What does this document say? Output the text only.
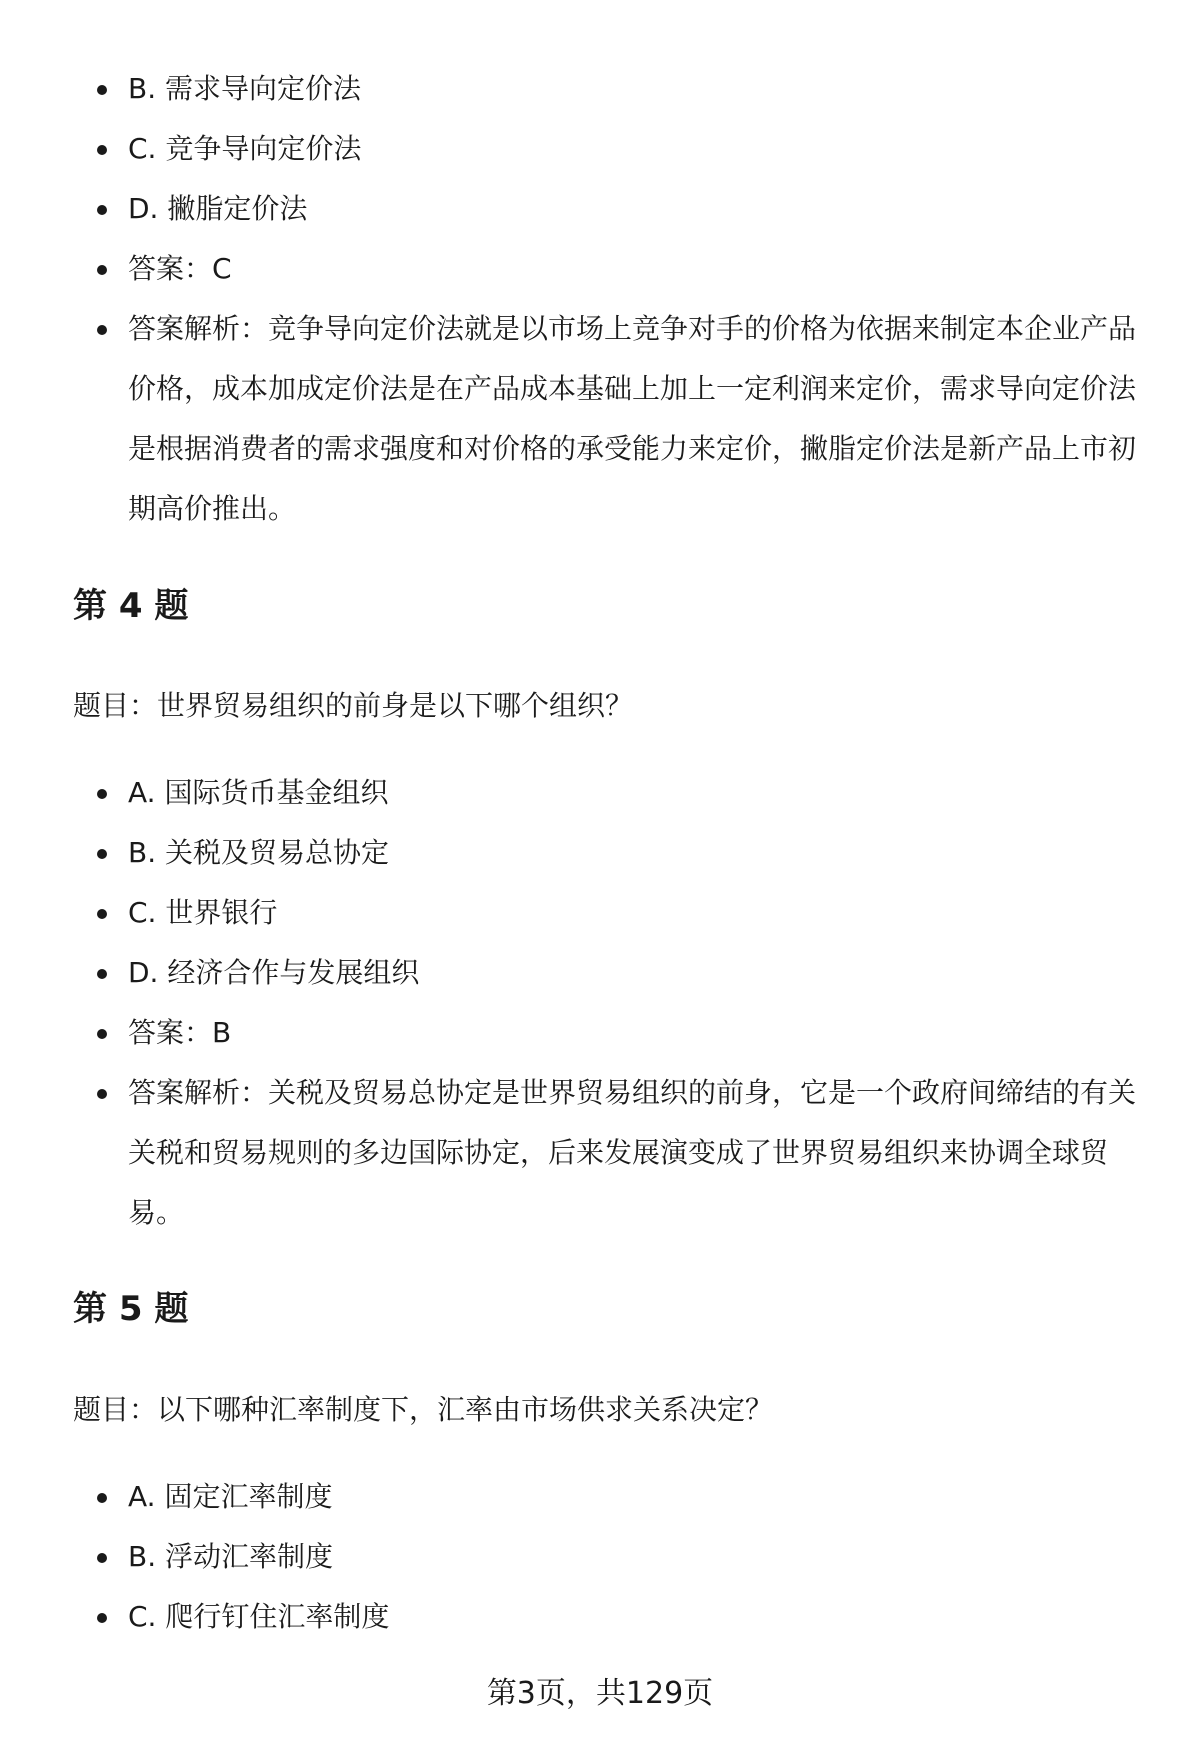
B. 需求导向定价法
C. 竞争导向定价法
D. 撇脂定价法
答案：C
答案解析：竞争导向定价法就是以市场上竞争对手的价格为依据来制定本企业产品价格，成本加成定价法是在产品成本基础上加上一定利润来定价，需求导向定价法是根据消费者的需求强度和对价格的承受能力来定价，撇脂定价法是新产品上市初期高价推出。
第 4 题

题目：世界贸易组织的前身是以下哪个组织？

A. 国际货币基金组织
B. 关税及贸易总协定
C. 世界银行
D. 经济合作与发展组织
答案：B
答案解析：关税及贸易总协定是世界贸易组织的前身，它是一个政府间缔结的有关关税和贸易规则的多边国际协定，后来发展演变成了世界贸易组织来协调全球贸易。
第 5 题

题目：以下哪种汇率制度下，汇率由市场供求关系决定？

A. 固定汇率制度
B. 浮动汇率制度
C. 爬行钉住汇率制度
第3页，共129页
